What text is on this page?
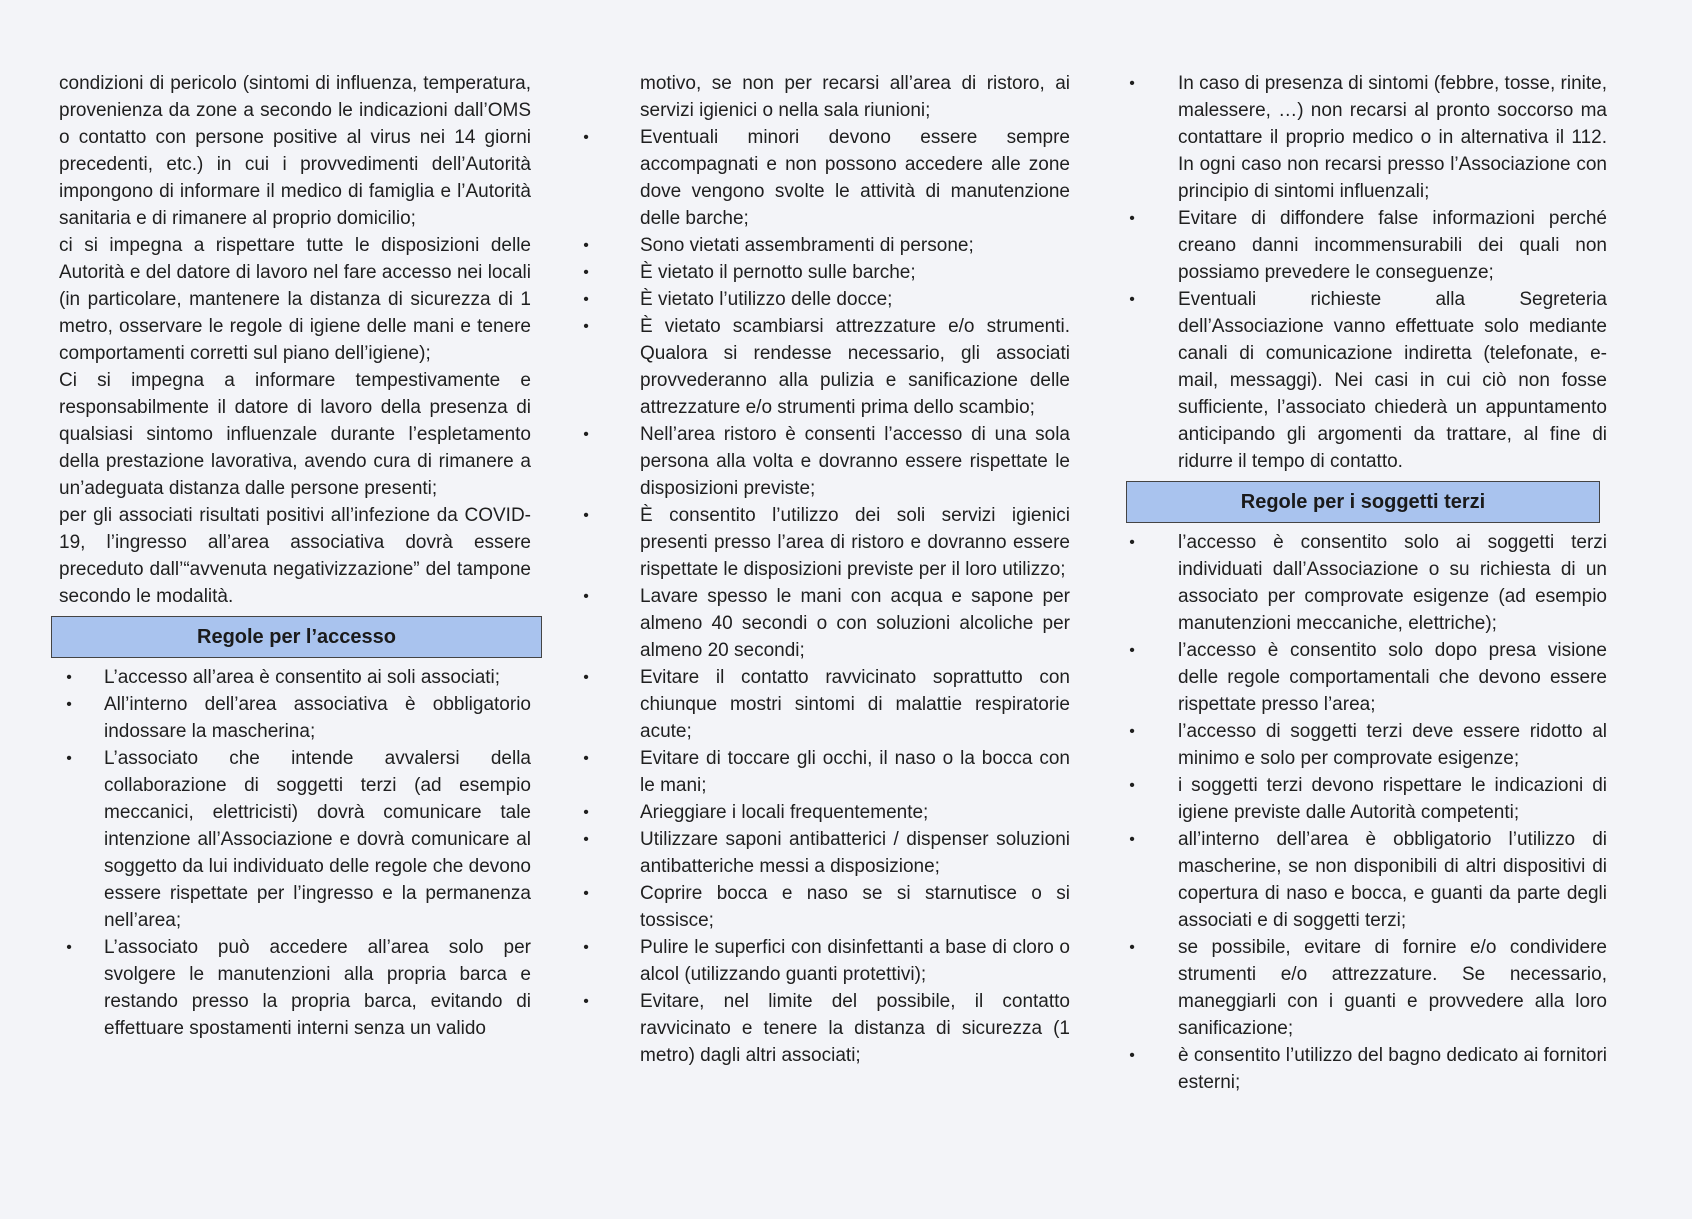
condizioni di pericolo (sintomi di influenza, temperatura, provenienza da zone a secondo le indicazioni dall’OMS o contatto con persone positive al virus nei 14 giorni precedenti, etc.) in cui i provvedimenti dell’Autorità impongono di informare il medico di famiglia e l’Autorità sanitaria e di rimanere al proprio domicilio;

ci si impegna a rispettare tutte le disposizioni delle Autorità e del datore di lavoro nel fare accesso nei locali (in particolare, mantenere la distanza di sicurezza di 1 metro, osservare le regole di igiene delle mani e tenere comportamenti corretti sul piano dell’igiene);

Ci si impegna a informare tempestivamente e responsabilmente il datore di lavoro della presenza di qualsiasi sintomo influenzale durante l’espletamento della prestazione lavorativa, avendo cura di rimanere a un’adeguata distanza dalle persone presenti;

per gli associati risultati positivi all’infezione da COVID-19, l’ingresso all’area associativa dovrà essere preceduto dall’“avvenuta negativizzazione” del tampone secondo le modalità.

Regole per l’accesso
• L’accesso all’area è consentito ai soli associati;
• All’interno dell’area associativa è obbligatorio indossare la mascherina;
• L’associato che intende avvalersi della collaborazione di soggetti terzi (ad esempio meccanici, elettricisti) dovrà comunicare tale intenzione all’Associazione e dovrà comunicare al soggetto da lui individuato delle regole che devono essere rispettate per l’ingresso e la permanenza nell’area;
• L’associato può accedere all’area solo per svolgere le manutenzioni alla propria barca e restando presso la propria barca, evitando di effettuare spostamenti interni senza un valido
motivo, se non per recarsi all’area di ristoro, ai servizi igienici o nella sala riunioni;
•	Eventuali minori devono essere sempre accompagnati e non possono accedere alle zone dove vengono svolte le attività di manutenzione delle barche;
•	Sono vietati assembramenti di persone;
•	È vietato il pernotto sulle barche;
•	È vietato l’utilizzo delle docce;
•	È vietato scambiarsi attrezzature e/o strumenti. Qualora si rendesse necessario, gli associati provvederanno alla pulizia e sanificazione delle attrezzature e/o strumenti prima dello scambio;
•	Nell’area ristoro è consenti l’accesso di una sola persona alla volta e dovranno essere rispettate le disposizioni previste;
•	È consentito l’utilizzo dei soli servizi igienici presenti presso l’area di ristoro e dovranno essere rispettate le disposizioni previste per il loro utilizzo;
•	Lavare spesso le mani con acqua e sapone per almeno 40 secondi o con soluzioni alcoliche per almeno 20 secondi;
•	Evitare il contatto ravvicinato soprattutto con chiunque mostri sintomi di malattie respiratorie acute;
•	Evitare di toccare gli occhi, il naso o la bocca con le mani;
•	Arieggiare i locali frequentemente;
•	Utilizzare saponi antibatterici / dispenser soluzioni antibatteriche messi a disposizione;
•	Coprire bocca e naso se si starnutisce o si tossisce;
•	Pulire le superfici con disinfettanti a base di cloro o alcol (utilizzando guanti protettivi);
•	Evitare, nel limite del possibile, il contatto ravvicinato e tenere la distanza di sicurezza (1 metro) dagli altri associati;
• In caso di presenza di sintomi (febbre, tosse, rinite, malessere, …) non recarsi al pronto soccorso ma contattare il proprio medico o in alternativa il 112. In ogni caso non recarsi presso l’Associazione con principio di sintomi influenzali;
• Evitare di diffondere false informazioni perché creano danni incommensurabili dei quali non possiamo prevedere le conseguenze;
• Eventuali richieste alla Segreteria dell’Associazione vanno effettuate solo mediante canali di comunicazione indiretta (telefonate, e-mail, messaggi). Nei casi in cui ciò non fosse sufficiente, l’associato chiederà un appuntamento anticipando gli argomenti da trattare, al fine di ridurre il tempo di contatto.
Regole per i soggetti terzi
• l’accesso è consentito solo ai soggetti terzi individuati dall’Associazione o su richiesta di un associato per comprovate esigenze (ad esempio manutenzioni meccaniche, elettriche);
• l’accesso è consentito solo dopo presa visione delle regole comportamentali che devono essere rispettate presso l’area;
• l’accesso di soggetti terzi deve essere ridotto al minimo e solo per comprovate esigenze;
• i soggetti terzi devono rispettare le indicazioni di igiene previste dalle Autorità competenti;
• all’interno dell’area è obbligatorio l’utilizzo di mascherine, se non disponibili di altri dispositivi di copertura di naso e bocca, e guanti da parte degli associati e di soggetti terzi;
• se possibile, evitare di fornire e/o condividere strumenti e/o attrezzature. Se necessario, maneggiarli con i guanti e provvedere alla loro sanificazione;
• è consentito l’utilizzo del bagno dedicato ai fornitori esterni;
